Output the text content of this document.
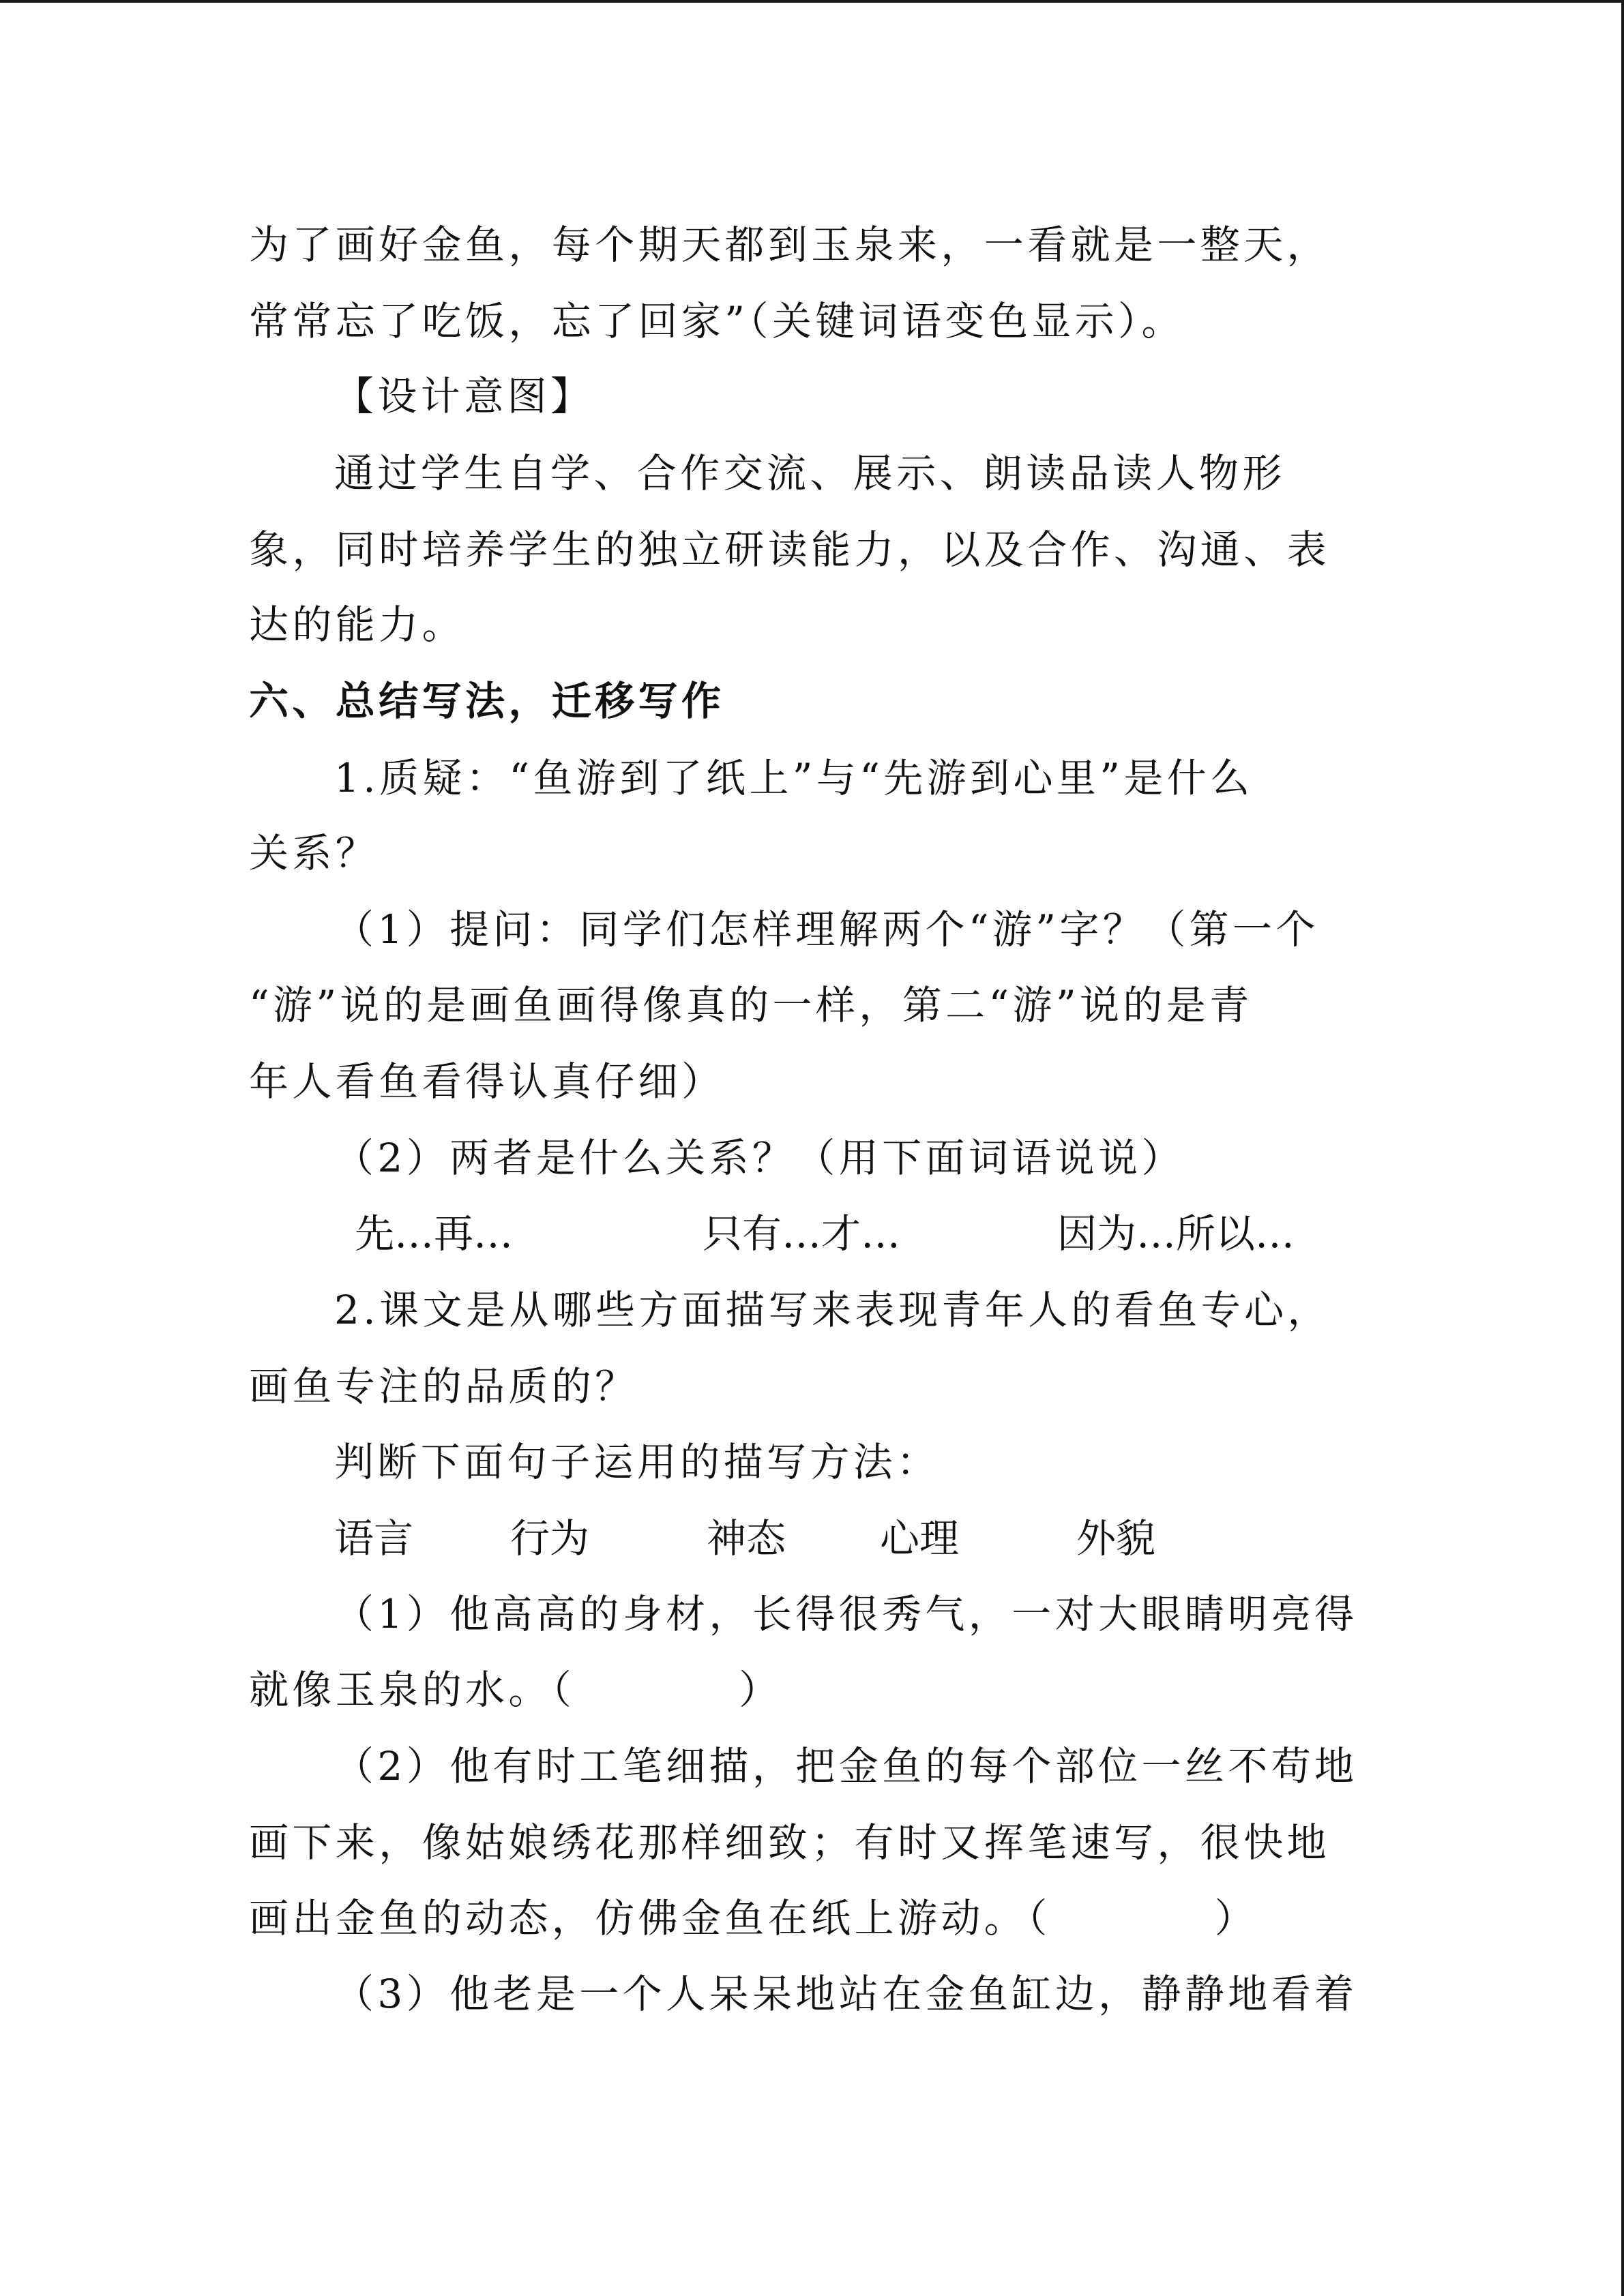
为了画好金鱼，每个期天都到玉泉来，一看就是一整天，
常常忘了吃饭，忘了回家”（关键词语变色显示）。
【设计意图】
通过学生自学、合作交流、展示、朗读品读人物形
象，同时培养学生的独立研读能力，以及合作、沟通、表
达的能力。
六、总结写法，迁移写作
1.质疑：“鱼游到了纸上”与“先游到心里”是什么
关系？
（1）提问：同学们怎样理解两个“游”字？（第一个
“游”说的是画鱼画得像真的一样，第二“游”说的是青
年人看鱼看得认真仔细）
（2）两者是什么关系？（用下面词语说说）
先…再…	只有…才…	因为…所以…
2.课文是从哪些方面描写来表现青年人的看鱼专心，
画鱼专注的品质的？
判断下面句子运用的描写方法：
语言 行为	神态 心理	外貌
（1）他高高的身材，长得很秀气，一对大眼睛明亮得
就像玉泉的水。（	）
（2）他有时工笔细描，把金鱼的每个部位一丝不苟地
画下来，像姑娘绣花那样细致；有时又挥笔速写，很快地
画出金鱼的动态，仿佛金鱼在纸上游动。（	）
（3）他老是一个人呆呆地站在金鱼缸边，静静地看着
